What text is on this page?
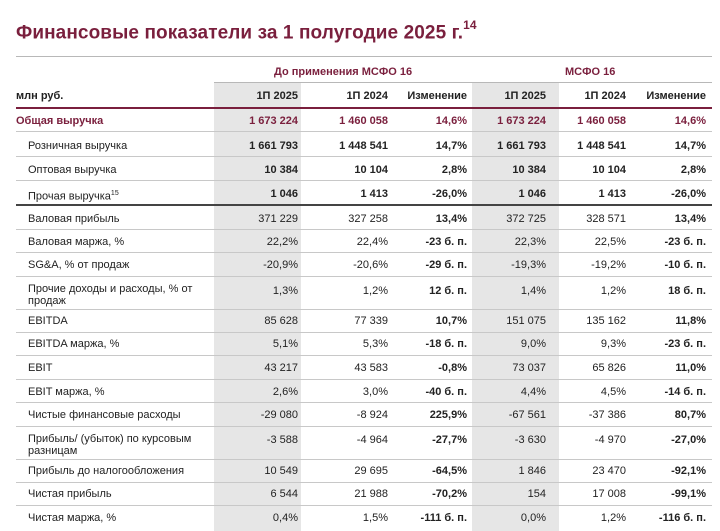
Финансовые показатели за 1 полугодие 2025 г.$^{14}$
До применения МСФО 16	МСФО 16
млн руб.	1П 2025	1П 2024 Изменение	1П 2025	1П 2024 Изменение
Общая выручка	1 673 224	1 460 058	14,6%	1 673 224	1 460 058	14,6%
Розничная выручка	1 661 793	1 448 541	14,7%	1 661 793	1 448 541	14,7%
Оптовая выручка	10 384	10 104	2,8%	10 384	10 104	2,8%
Прочая выручка$^{15}$	1 046	1 413	-26,0%	1 046	1 413	-26,0%
Валовая прибыль	371 229	327 258	13,4%	372 725	328 571	13,4%
Валовая маржа, %	22,2%	22,4%	-23 б. п.	22,3%	22,5%	-23 б. п.
SG&A, % от продаж	-20,9%	-20,6%	-29 б. п.	-19,3%	-19,2%	-10 б. п.
Прочие доходы и расходы, % от продаж
1,3%	1,2%	12 б. п.	1,4%	1,2%	18 б. п.
EBITDA	85 628	77 339	10,7%	151 075	135 162	11,8%
EBITDA маржа, %	5,1%	5,3%	-18 б. п.	9,0%	9,3%	-23 б. п.
EBIT	43 217	43 583	-0,8%	73 037	65 826	11,0%
EBIT маржа, %	2,6%	3,0%	-40 б. п.	4,4%	4,5%	-14 б. п.
Чистые финансовые расходы	-29 080	-8 924	225,9%	-67 561	-37 386	80,7%
Прибыль/ (убыток) по курсовым разницам
-3 588	-4 964	-27,7%	-3 630	-4 970	-27,0%
Прибыль до налогообложения	10 549	29 695	-64,5%	1 846	23 470	-92,1%
Чистая прибыль	6 544	21 988	-70,2%	154	17 008	-99,1%
Чистая маржа, %	0,4%	1,5%	-111 б. п.	0,0%	1,2%	-116 б. п.
